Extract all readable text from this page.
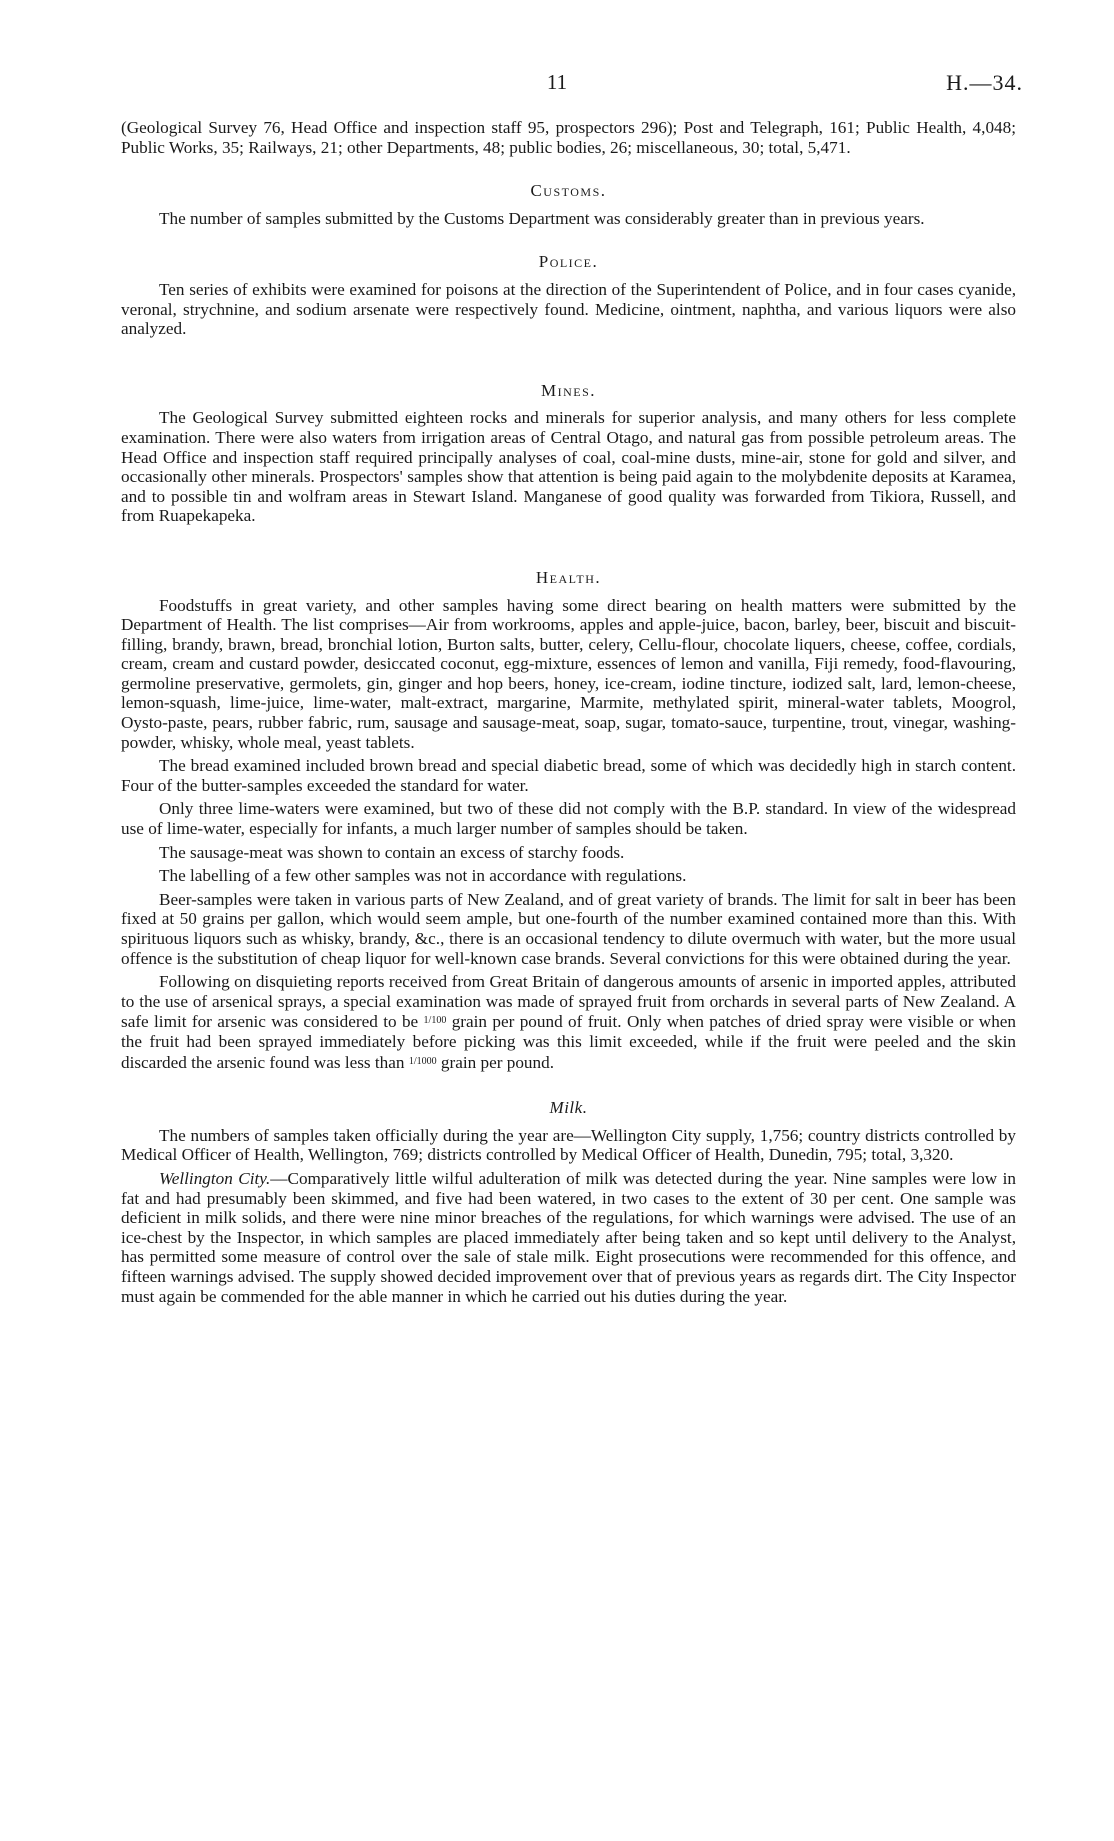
11	H.—34.

(Geological Survey 76, Head Office and inspection staff 95, prospectors 296); Post and Telegraph, 161; Public Health, 4,048; Public Works, 35; Railways, 21; other Departments, 48; public bodies, 26; miscellaneous, 30; total, 5,471.

Customs.

The number of samples submitted by the Customs Department was considerably greater than in previous years.

Police.

Ten series of exhibits were examined for poisons at the direction of the Superintendent of Police, and in four cases cyanide, veronal, strychnine, and sodium arsenate were respectively found. Medicine, ointment, naphtha, and various liquors were also analyzed.

Mines.

The Geological Survey submitted eighteen rocks and minerals for superior analysis, and many others for less complete examination. There were also waters from irrigation areas of Central Otago, and natural gas from possible petroleum areas. The Head Office and inspection staff required principally analyses of coal, coal-mine dusts, mine-air, stone for gold and silver, and occasionally other minerals. Prospectors' samples show that attention is being paid again to the molybdenite deposits at Karamea, and to possible tin and wolfram areas in Stewart Island. Manganese of good quality was forwarded from Tikiora, Russell, and from Ruapekapeka.

Health.

Foodstuffs in great variety, and other samples having some direct bearing on health matters were submitted by the Department of Health. The list comprises—Air from workrooms, apples and apple-juice, bacon, barley, beer, biscuit and biscuit-filling, brandy, brawn, bread, bronchial lotion, Burton salts, butter, celery, Cellu-flour, chocolate liquers, cheese, coffee, cordials, cream, cream and custard powder, desiccated coconut, egg-mixture, essences of lemon and vanilla, Fiji remedy, food-flavouring, germoline preservative, germolets, gin, ginger and hop beers, honey, ice-cream, iodine tincture, iodized salt, lard, lemon-cheese, lemon-squash, lime-juice, lime-water, malt-extract, margarine, Marmite, methylated spirit, mineral-water tablets, Moogrol, Oysto-paste, pears, rubber fabric, rum, sausage and sausage-meat, soap, sugar, tomato-sauce, turpentine, trout, vinegar, washing-powder, whisky, whole meal, yeast tablets.

The bread examined included brown bread and special diabetic bread, some of which was decidedly high in starch content. Four of the butter-samples exceeded the standard for water.

Only three lime-waters were examined, but two of these did not comply with the B.P. standard. In view of the widespread use of lime-water, especially for infants, a much larger number of samples should be taken.

The sausage-meat was shown to contain an excess of starchy foods.

The labelling of a few other samples was not in accordance with regulations.

Beer-samples were taken in various parts of New Zealand, and of great variety of brands. The limit for salt in beer has been fixed at 50 grains per gallon, which would seem ample, but one-fourth of the number examined contained more than this. With spirituous liquors such as whisky, brandy, &c., there is an occasional tendency to dilute overmuch with water, but the more usual offence is the substitution of cheap liquor for well-known case brands. Several convictions for this were obtained during the year.

Following on disquieting reports received from Great Britain of dangerous amounts of arsenic in imported apples, attributed to the use of arsenical sprays, a special examination was made of sprayed fruit from orchards in several parts of New Zealand. A safe limit for arsenic was considered to be $^{1/100}$ grain per pound of fruit. Only when patches of dried spray were visible or when the fruit had been sprayed immediately before picking was this limit exceeded, while if the fruit were peeled and the skin discarded the arsenic found was less than $^{1/1000}$ grain per pound.

Milk.

The numbers of samples taken officially during the year are—Wellington City supply, 1,756; country districts controlled by Medical Officer of Health, Wellington, 769; districts controlled by Medical Officer of Health, Dunedin, 795; total, 3,320.

Wellington City.—Comparatively little wilful adulteration of milk was detected during the year. Nine samples were low in fat and had presumably been skimmed, and five had been watered, in two cases to the extent of 30 per cent. One sample was deficient in milk solids, and there were nine minor breaches of the regulations, for which warnings were advised. The use of an ice-chest by the Inspector, in which samples are placed immediately after being taken and so kept until delivery to the Analyst, has permitted some measure of control over the sale of stale milk. Eight prosecutions were recommended for this offence, and fifteen warnings advised. The supply showed decided improvement over that of previous years as regards dirt. The City Inspector must again be commended for the able manner in which he carried out his duties during the year.
